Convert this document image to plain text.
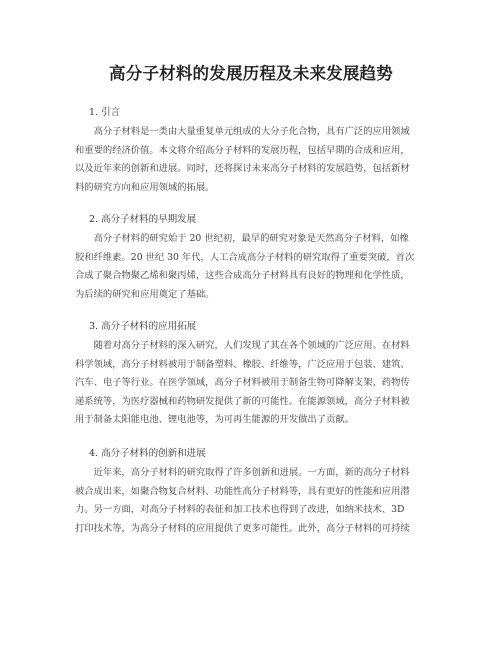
高分子材料的发展历程及未来发展趋势
1. 引言
　　高分子材料是一类由大量重复单元组成的大分子化合物，具有广泛的应用领域
和重要的经济价值。本文将介绍高分子材料的发展历程，包括早期的合成和应用，
以及近年来的创新和进展。同时，还将探讨未来高分子材料的发展趋势，包括新材
料的研究方向和应用领域的拓展。
2. 高分子材料的早期发展
　　高分子材料的研究始于 20 世纪初，最早的研究对象是天然高分子材料，如橡
胶和纤维素。20 世纪 30 年代，人工合成高分子材料的研究取得了重要突破，首次
合成了聚合物聚乙烯和聚丙烯，这些合成高分子材料具有良好的物理和化学性质，
为后续的研究和应用奠定了基础。
3. 高分子材料的应用拓展
　　随着对高分子材料的深入研究，人们发现了其在各个领域的广泛应用。在材料
科学领域，高分子材料被用于制备塑料、橡胶、纤维等，广泛应用于包装、建筑、
汽车、电子等行业。在医学领域，高分子材料被用于制备生物可降解支架、药物传
递系统等，为医疗器械和药物研发提供了新的可能性。在能源领域，高分子材料被
用于制备太阳能电池、锂电池等，为可再生能源的开发做出了贡献。
4. 高分子材料的创新和进展
　　近年来，高分子材料的研究取得了许多创新和进展。一方面，新的高分子材料
被合成出来，如聚合物复合材料、功能性高分子材料等，具有更好的性能和应用潜
力。另一方面，对高分子材料的表征和加工技术也得到了改进，如纳米技术、3D
打印技术等，为高分子材料的应用提供了更多可能性。此外，高分子材料的可持续
